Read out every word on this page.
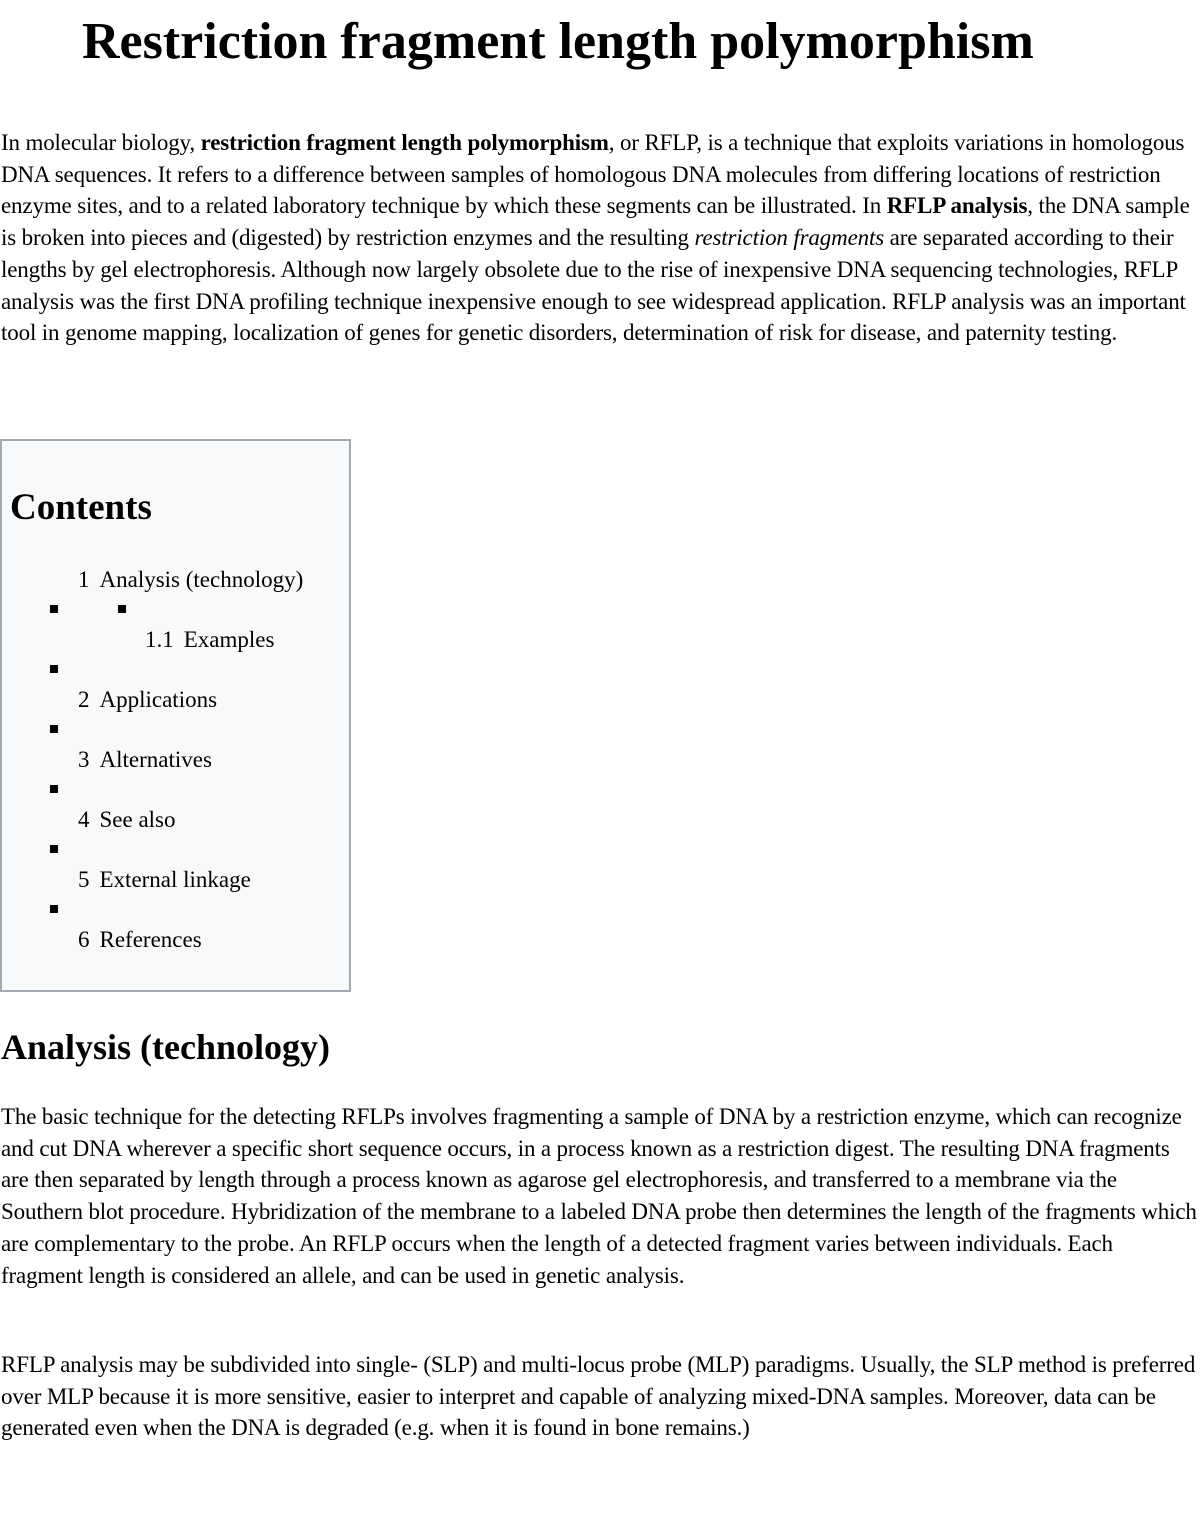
Restriction fragment length polymorphism

In molecular biology, restriction fragment length polymorphism, or RFLP, is a technique that exploits variations in homologous DNA sequences. It refers to a difference between samples of homologous DNA molecules from differing locations of restriction enzyme sites, and to a related laboratory technique by which these segments can be illustrated. In RFLP analysis, the DNA sample is broken into pieces and (digested) by restriction enzymes and the resulting restriction fragments are separated according to their lengths by gel electrophoresis. Although now largely obsolete due to the rise of inexpensive DNA sequencing technologies, RFLP analysis was the first DNA profiling technique inexpensive enough to see widespread application. RFLP analysis was an important tool in genome mapping, localization of genes for genetic disorders, determination of risk for disease, and paternity testing.

Contents
1 Analysis (technology)
1.1 Examples
2 Applications
3 Alternatives
4 See also
5 External linkage
6 References
Analysis (technology)

The basic technique for the detecting RFLPs involves fragmenting a sample of DNA by a restriction enzyme, which can recognize and cut DNA wherever a specific short sequence occurs, in a process known as a restriction digest. The resulting DNA fragments are then separated by length through a process known as agarose gel electrophoresis, and transferred to a membrane via the Southern blot procedure. Hybridization of the membrane to a labeled DNA probe then determines the length of the fragments which are complementary to the probe. An RFLP occurs when the length of a detected fragment varies between individuals. Each fragment length is considered an allele, and can be used in genetic analysis.

RFLP analysis may be subdivided into single- (SLP) and multi-locus probe (MLP) paradigms. Usually, the SLP method is preferred over MLP because it is more sensitive, easier to interpret and capable of analyzing mixed-DNA samples. Moreover, data can be generated even when the DNA is degraded (e.g. when it is found in bone remains.)
